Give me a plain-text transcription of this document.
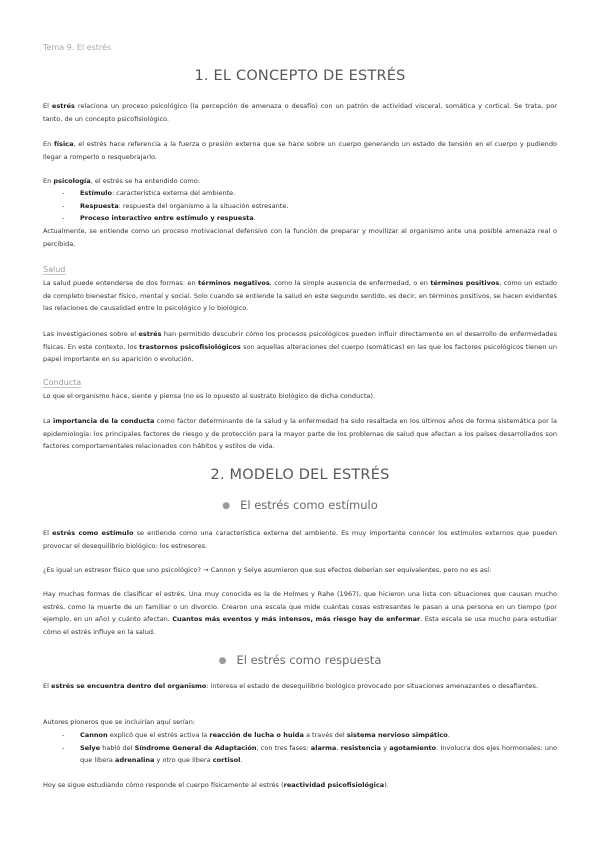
Tema 9. El estrés
1. EL CONCEPTO DE ESTRÉS

El estrés relaciona un proceso psicológico (la percepción de amenaza o desafío) con un patrón de actividad visceral, somática y cortical. Se trata, por tanto, de un concepto psicofisiológico.

En física, el estrés hace referencia a la fuerza o presión externa que se hace sobre un cuerpo generando un estado de tensión en el cuerpo y pudiendo llegar a romperlo o resquebrajarlo.

En psicología, el estrés se ha entendido como:

- Estímulo: característica externa del ambiente.
- Respuesta: respuesta del organismo a la situación estresante.
- Proceso interactivo entre estímulo y respuesta.

Actualmente, se entiende como un proceso motivacional defensivo con la función de preparar y movilizar al organismo ante una posible amenaza real o percibida.

Salud

La salud puede entenderse de dos formas: en términos negativos, como la simple ausencia de enfermedad, o en términos positivos, como un estado de completo bienestar físico, mental y social. Solo cuando se entiende la salud en este segundo sentido, es decir, en términos positivos, se hacen evidentes las relaciones de causalidad entre lo psicológico y lo biológico.

Las investigaciones sobre el estrés han permitido descubrir cómo los procesos psicológicos pueden influir directamente en el desarrollo de enfermedades físicas. En este contexto, los trastornos psicofisiológicos son aquellas alteraciones del cuerpo (somáticas) en las que los factores psicológicos tienen un papel importante en su aparición o evolución.

Conducta

Lo que el organismo hace, siente y piensa (no es lo opuesto al sustrato biológico de dicha conducta).

La importancia de la conducta como factor determinante de la salud y la enfermedad ha sido resaltada en los últimos años de forma sistemática por la epidemiología: los principales factores de riesgo y de protección para la mayor parte de los problemas de salud que afectan a los países desarrollados son factores comportamentales relacionados con hábitos y estilos de vida.

2. MODELO DEL ESTRÉS
● El estrés como estímulo

El estrés como estímulo se entiende como una característica externa del ambiente. Es muy importante conocer los estímulos externos que pueden provocar el desequilibrio biológico: los estresores.

¿Es igual un estresor físico que uno psicológico? → Cannon y Selye asumieron que sus efectos deberían ser equivalentes, pero no es así:

Hay muchas formas de clasificar el estrés. Una muy conocida es la de Holmes y Rahe (1967), que hicieron una lista con situaciones que causan mucho estrés, como la muerte de un familiar o un divorcio. Crearon una escala que mide cuántas cosas estresantes le pasan a una persona en un tiempo (por ejemplo, en un año) y cuánto afectan. Cuantos más eventos y más intensos, más riesgo hay de enfermar. Esta escala se usa mucho para estudiar cómo el estrés influye en la salud.

● El estrés como respuesta

El estrés se encuentra dentro del organismo: interesa el estado de desequilibrio biológico provocado por situaciones amenazantes o desafiantes.

Autores pioneros que se incluirían aquí serían:

- Cannon explicó que el estrés activa la reacción de lucha o huida a través del sistema nervioso simpático.
- Selye habló del Síndrome General de Adaptación, con tres fases: alarma, resistencia y agotamiento. Involucra dos ejes hormonales: uno que libera adrenalina y otro que libera cortisol.

Hoy se sigue estudiando cómo responde el cuerpo físicamente al estrés (reactividad psicofisiológica).
